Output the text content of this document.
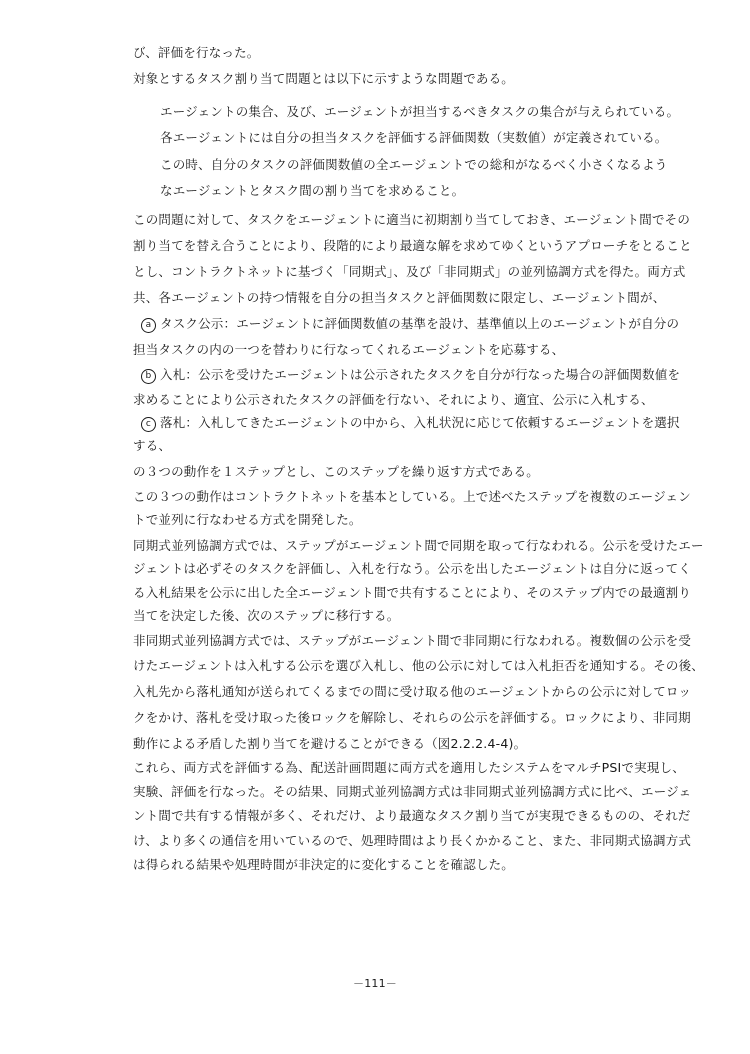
び、評価を行なった。
対象とするタスク割り当て問題とは以下に示すような問題である。
エージェントの集合、及び、エージェントが担当するべきタスクの集合が与えられている。
各エージェントには自分の担当タスクを評価する評価関数（実数値）が定義されている。
この時、自分のタスクの評価関数値の全エージェントでの総和がなるべく小さくなるよう
なエージェントとタスク間の割り当てを求めること。
この問題に対して、タスクをエージェントに適当に初期割り当てしておき、エージェント間でその
割り当てを替え合うことにより、段階的により最適な解を求めてゆくというアプローチをとること
とし、コントラクトネットに基づく「同期式」、及び「非同期式」の並列協調方式を得た。両方式
共、各エージェントの持つ情報を自分の担当タスクと評価関数に限定し、エージェント間が、
a タスク公示：エージェントに評価関数値の基準を設け、基準値以上のエージェントが自分の
担当タスクの内の一つを替わりに行なってくれるエージェントを応募する、
b 入札：公示を受けたエージェントは公示されたタスクを自分が行なった場合の評価関数値を
求めることにより公示されたタスクの評価を行ない、それにより、適宜、公示に入札する、
c 落札：入札してきたエージェントの中から、入札状況に応じて依頼するエージェントを選択
する、
の３つの動作を１ステップとし、このステップを繰り返す方式である。
この３つの動作はコントラクトネットを基本としている。上で述べたステップを複数のエージェン
トで並列に行なわせる方式を開発した。
同期式並列協調方式では、ステップがエージェント間で同期を取って行なわれる。公示を受けたエー
ジェントは必ずそのタスクを評価し、入札を行なう。公示を出したエージェントは自分に返ってく
る入札結果を公示に出した全エージェント間で共有することにより、そのステップ内での最適割り
当てを決定した後、次のステップに移行する。
非同期式並列協調方式では、ステップがエージェント間で非同期に行なわれる。複数個の公示を受
けたエージェントは入札する公示を選び入札し、他の公示に対しては入札拒否を通知する。その後、
入札先から落札通知が送られてくるまでの間に受け取る他のエージェントからの公示に対してロッ
クをかけ、落札を受け取った後ロックを解除し、それらの公示を評価する。ロックにより、非同期
動作による矛盾した割り当てを避けることができる（図2.2.2.4-4)。
これら、両方式を評価する為、配送計画問題に両方式を適用したシステムをマルチPSIで実現し、
実験、評価を行なった。その結果、同期式並列協調方式は非同期式並列協調方式に比べ、エージェ
ント間で共有する情報が多く、それだけ、より最適なタスク割り当てが実現できるものの、それだ
け、より多くの通信を用いているので、処理時間はより長くかかること、また、非同期式協調方式
は得られる結果や処理時間が非決定的に変化することを確認した。
－111－
